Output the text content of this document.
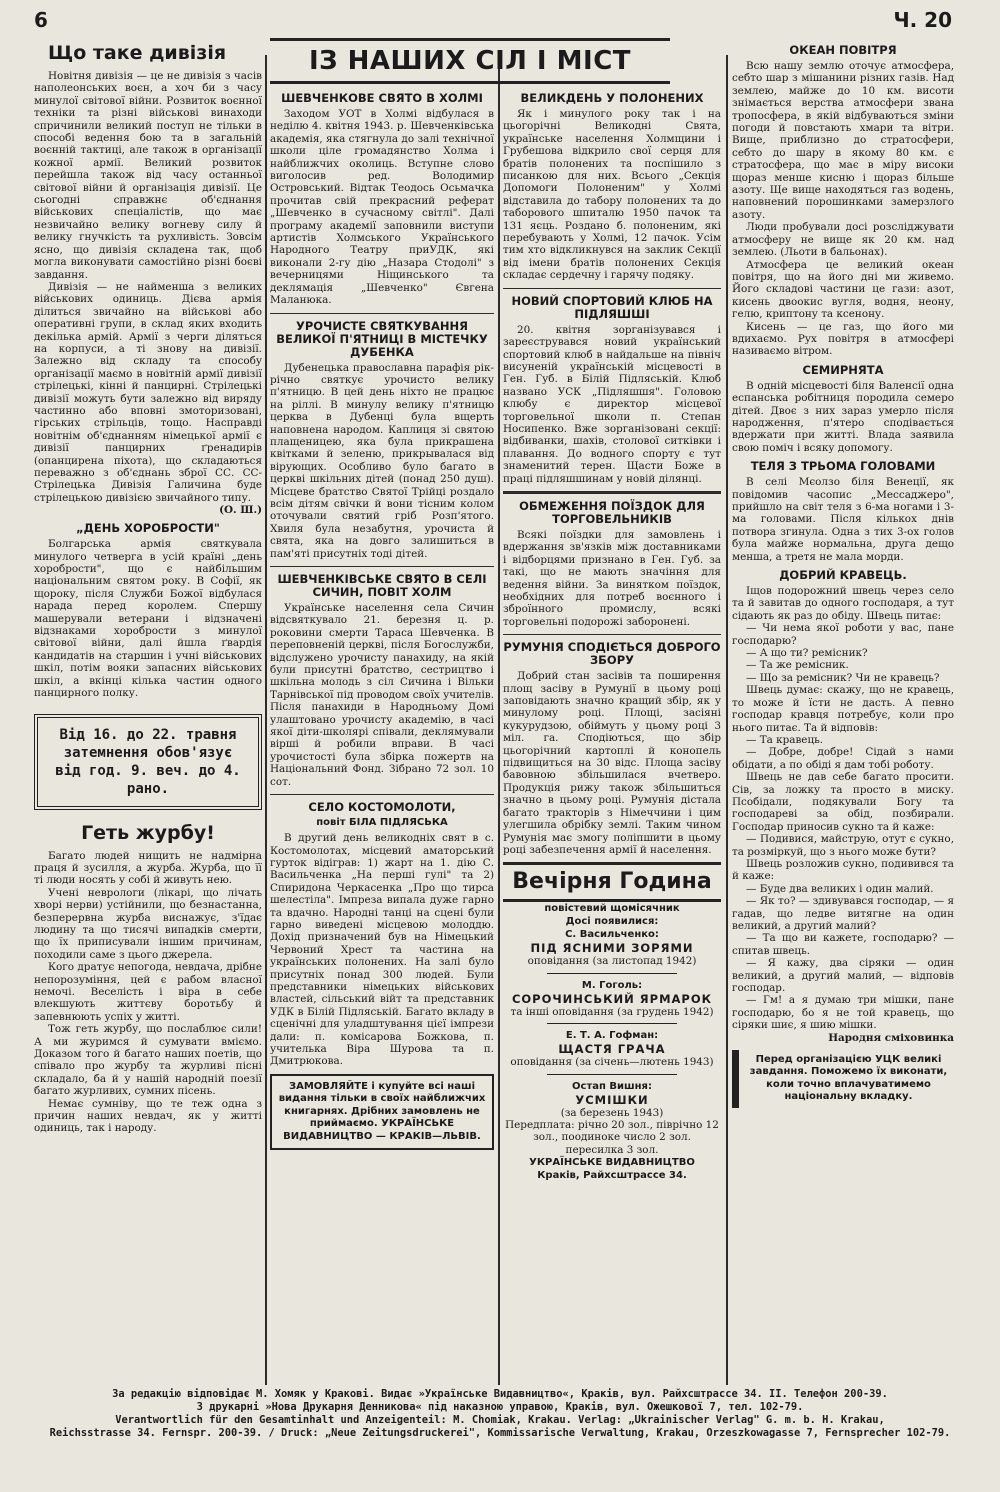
6	Ч. 20
Що таке дивізія

Новітня дивізія — це не дивізія з часів наполеонських воєн, а хоч би з часу минулої світової війни. Розвиток воєнної техніки та різні військові винаходи спричинили великий поступ не тільки в способі ведення бою та в загальній воєнній тактиці, але також в організації кожної армії. Великий розвиток перейшла також від часу останньої світової війни й організація дивізії. Це сьогодні справжнє об'єднання військових спеціалістів, що має незвичайно велику вогневу силу й велику гнучкість та рухливість. Зовсім ясно, що дивізія складена так, щоб могла виконувати самостійно різні боєві завдання.

Дивізія — не найменша з великих військових одиниць. Дієва армія ділиться звичайно на військові або оперативні групи, в склад яких входить декілька армій. Армії з черги діляться на корпуси, а ті знову на дивізії. Залежно від складу та способу організації маємо в новітній армії дивізії стрілецькі, кінні й панцирні. Стрілецькі дивізії можуть бути залежно від виряду частинно або вповні змоторизовані, гірських стрільців, тощо. Насправді новітнім об'єднанням німецької армії є дивізії панцирних ґренадирів (опанцирена піхота), що складаються переважно з об'єднань зброї СС. СС-Стрілецька Дивізія Галичина буде стрілецькою дивізією звичайного типу.

(О. Ш.)
„ДЕНЬ ХОРОБРОСТИ"

Болгарська армія святкувала минулого четверга в усій країні „день хоробрости", що є найбільшим національним святом року. В Софії, як щороку, після Служби Божої відбулася нарада перед королем. Спершу машерували ветерани і відзначені відзнаками хоробрости з минулої світової війни, далі йшла ґвардія кандидатів на старшин і учні військових шкіл, потім вояки запасних військових шкіл, а вкінці кілька частин одного панцирного полку.

Від 16. до 22. травня
затемнення обов'язує
від год. 9. веч. до 4. рано.
Геть журбу!

Багато людей нищить не надмірна праця й зусилля, а журба. Журба, що її ті люди носять у собі й живуть нею.

Учені неврологи (лікарі, що лічать хворі нерви) устійнили, що безнастанна, безперервна журба виснажує, з'їдає людину та що тисячі випадків смерти, що їх приписували іншим причинам, походили саме з цього джерела.

Кого дратує непогода, невдача, дрібне непорозуміння, цей є рабом власної немочі. Веселість і віра в себе влекшують життєву боротьбу й запевнюють успіх у житті.

Тож геть журбу, що послаблює сили! А ми журимся й сумувати вміємо. Доказом того й багато наших поетів, що співало про журбу та журливі пісні складало, ба й у нашій народній поезії багато журливих, сумних пісень.

Немає сумніву, що те теж одна з причин наших невдач, як у житті одиниць, так і народу.

ІЗ НАШИХ СІЛ І МІСТ
ШЕВЧЕНКОВЕ СВЯТО В ХОЛМІ

Заходом УОТ в Холмі відбулася в неділю 4. квітня 1943. р. Шевченківська академія, яка стягнула до залі технічної школи ціле громадянство Холма і найближчих околиць. Вступне слово виголосив ред. Володимир Островський. Відтак Теодось Осьмачка прочитав свій прекрасний реферат „Шевченко в сучасному світлі". Далі програму академії заповнили виступи артистів Холмського Українського Народного Театру приУДК, які виконали 2-гу дію „Назара Стодолі" з вечерницями Ніщинського та деклямація „Шевченко" Євгена Маланюка.

УРОЧИСТЕ СВЯТКУВАННЯ ВЕЛИКОЇ П'ЯТНИЦІ В МІСТЕЧКУ ДУБЕНКА

Дубенецька православна парафія рік-річно святкує урочисто велику п'ятницю. В цей день ніхто не працює на ріллі. В минулу велику п'ятницю церква в Дубенці була вщерть наповнена народом. Каплиця зі святою плащеницею, яка була прикрашена квітками й зеленю, прикрывалася від вірующих. Особливо було багато в церкві шкільних дітей (понад 250 душ). Місцеве братство Святої Трійці роздало всім дітям свічки й вони тісним колом оточували святий гріб Розп'ятого. Хвиля була незабутня, урочиста й свята, яка на довго залишиться в пам'яті присутніх тоді дітей.

ШЕВЧЕНКІВСЬКЕ СВЯТО В СЕЛІ СИЧИН, ПОВІТ ХОЛМ

Українське населення села Сичин відсвяткувало 21. березня ц. р. роковини смерти Тараса Шевченка. В переповненій церкві, після Богослужби, відслужено урочисту панахиду, на якій були присутні братство, сестрицтво і шкільна молодь з сіл Сичина і Вільки Тарнівської під проводом своїх учителів. Після панахиди в Народньому Домі улаштовано урочисту академію, в часі якої діти-школярі співали, деклямували вірші й робили вправи. В часі урочистості була збірка пожертв на Національний Фонд. Зібрано 72 зол. 10 сот.

СЕЛО КОСТОМОЛОТИ,
повіт БІЛА ПІДЛЯСЬКА

В другий день великодніх свят в с. Костомолотах, місцевий аматорський гурток відіграв: 1) жарт на 1. дію С. Васильченка „На перші гулі" та 2) Спиридона Черкасенка „Про що тирса шелестіла". Імпреза випала дуже гарно та вдачно. Народні танці на сцені були гарно виведені місцевою молоддю. Дохід призначений був на Німецький Червоний Хрест та частина на українських полонених. На залі було присутніх понад 300 людей. Були представники німецьких військових властей, сільський війт та представник УДК в Білій Підляській. Багато вкладу в сценічні для уладштування цієї імпрези дали: п. комісарова Божкова, п. учителька Віра Шурова та п. Дмитрюкова.

ЗАМОВЛЯЙТЕ і купуйте всі наші видання тільки в своїх найближчих книгарнях. Дрібних замовлень не приймаємо. УКРАЇНСЬКЕ ВИДАВНИЦТВО — КРАКІВ—ЛЬВІВ.
ВЕЛИКДЕНЬ У ПОЛОНЕНИХ

Як і минулого року так і на цьогорічні Великодні Свята, українське населення Холмщини і Грубешова відкрило свої серця для братів полонених та поспішило з писанкою для них. Всього „Секція Допомоги Полоненим" у Холмі відставила до табору полонених та до таборового шпиталю 1950 пачок та 131 яєць. Роздано б. полоненим, які перебувають у Холмі, 12 пачок. Усім тим хто відкликнувся на заклик Секції від імени братів полонених Секція складає сердечну і гарячу подяку.

НОВИЙ СПОРТОВИЙ КЛЮБ НА ПІДЛЯШШІ

20. квітня зорганізувався і зареєструвався новий український спортовий клюб в найдальше на північ висуненій українській місцевості в Ген. Губ. в Білій Підляській. Клюб названо УСК „Підляшшя". Головою клюбу є директор місцевої торговельної школи п. Степан Носипенко. Вже зорганізовані секції: відбиванки, шахів, столової ситківки і плавання. До водного спорту є тут знаменитий терен. Щасти Боже в праці підляшшинам у новій ділянці.

ОБМЕЖЕННЯ ПОЇЗДОК ДЛЯ ТОРГОВЕЛЬНИКІВ

Всякі поїздки для замовлень і вдержання зв'язків між доставниками і відборцями признано в Ген. Губ. за такі, що не мають значіння для ведення війни. За винятком поїздок, необхідних для потреб воєнного і зброїнного промислу, всякі торговельні подорожі заборонені.

РУМУНІЯ СПОДІЄТЬСЯ ДОБРОГО ЗБОРУ

Добрий стан засівів та поширення площ засіву в Румунії в цьому році заповідають значно кращий збір, як у минулому році. Площі, засіяні кукурудзою, обіймуть у цьому році 3 міл. га. Сподіються, що збір цьогорічний картоплі й конопель підвищиться на 30 відс. Площа засіву бавовною збільшилася вчетверо. Продукція рижу також збільшиться значно в цьому році. Румунія дістала багато тракторів з Німеччини і цим улегшила обрібку землі. Таким чином Румунія має змогу поліпшити в цьому році забезпечення армії й населення.

Вечірня Година
повістевий щомісячник
Досі появилися:
С. Васильченко:
ПІД ЯСНИМИ ЗОРЯМИ
оповідання (за листопад 1942)
М. Гоголь:
СОРОЧИНСЬКИЙ ЯРМАРОК
та інші оповідання (за грудень 1942)
Е. Т. А. Гофман:
ЩАСТЯ ГРАЧА
оповідання (за січень—лютень 1943)
Остап Вишня:
УСМІШКИ
(за березень 1943)
Передплата: річно 20 зол., піврічно 12 зол., поодиноке число 2 зол. пересилка 3 зол.
УКРАЇНСЬКЕ ВИДАВНИЦТВО
Краків, Райхсштрассе 34.
ОКЕАН ПОВІТРЯ

Всю нашу землю оточує атмосфера, себто шар з мішанини різних газів. Над землею, майже до 10 км. висоти знімається верства атмосфери звана тропосфера, в якій відбуваються зміни погоди й повстають хмари та вітри. Вище, приблизно до стратосфери, себто до шару в якому 80 км. є стратосфера, що має в міру високи щораз менше кисню і щораз більше азоту. Ще вище находяться газ водень, наповнений порошинками замерзлого азоту.

Люди пробували досі розсліджувати атмосферу не вище як 20 км. над землею. (Льоти в бальонах).

Атмосфера це великий океан повітря, що на його дні ми живемо. Його складові частини це гази: азот, кисень двоокис вугля, водня, неону, гелю, криптону та ксенону.

Кисень — це газ, що його ми вдихаємо. Рух повітря в атмосфері називаємо вітром.

СЕМИРНЯТА

В одній місцевості біля Валенсії одна еспанська робітниця породила семеро дітей. Двоє з них зараз умерло після народження, п'ятеро сподівається вдержати при житті. Влада заявила свою поміч і всяку допомогу.

ТЕЛЯ З ТРЬОМА ГОЛОВАМИ

В селі Мєолзо біля Венеції, як повідомив часопис „Мессаджеро", прийшло на світ теля з 6-ма ногами і 3-ма головами. Після кількох днів потвора згинула. Одна з тих 3-ох голов була майже нормальна, друга дещо менша, а третя не мала морди.

ДОБРИЙ КРАВЕЦЬ.

Іщов подорожний швець через село та й завитав до одного господаря, а тут сідають як раз до обіду. Швець питає:

— Чи нема якої роботи у вас, пане господарю?

— А що ти? ремісник?

— Та же ремісник.

— Що за ремісник? Чи не кравець?

Швець думає: скажу, що не кравець, то може й їсти не дасть. А певно господар кравця потребує, коли про нього питає. Та й відповів:

— Та кравець.

— Добре, добре! Сідай з нами обідати, а по обіді я дам тобі роботу.

Швець не дав себе багато просити. Сів, за ложку та просто в миску. Псобідали, подякували Богу та господареві за обід, позбирали. Господар приносив сукно та й каже:

— Подивися, майструю, отут є сукно, та розміркуй, що з нього може бути?

Швець розложив сукно, подивився та й каже:

— Буде два великих і один малий.

— Як то? — здивувався господар, — я гадав, що ледве витягне на один великий, а другий малий?

— Та що ви кажете, господарю? — спитав швець.

— Я кажу, два сіряки — один великий, а другий малий, — відповів господар.

— Гм! а я думаю три мішки, пане господарю, бо я не той кравець, що сіряки шиє, я шию мішки.

Народня сміховинка
Перед організацією УЦК великі завдання. Поможемо їх виконати, коли точно вплачуватимемо національну вкладку.
За редакцію відповідає М. Хомяк у Кракові. Видає »Українське Видавництво«, Краків, вул. Райхсштрассе 34. II. Телефон 200-39.
З друкарні »Нова Друкарня Денникова« під наказною управою, Краків, вул. Ожешкової 7, тел. 102-79.
Verantwortlich für den Gesamtinhalt und Anzeigenteil: M. Chomiak, Krakau. Verlag: „Ukrainischer Verlag" G. m. b. H. Krakau,
Reichsstrasse 34. Fernspr. 200-39. / Druck: „Neue Zeitungsdruckerei", Kommissarische Verwaltung, Krakau, Orzeszkowagasse 7, Fernsprecher 102-79.
